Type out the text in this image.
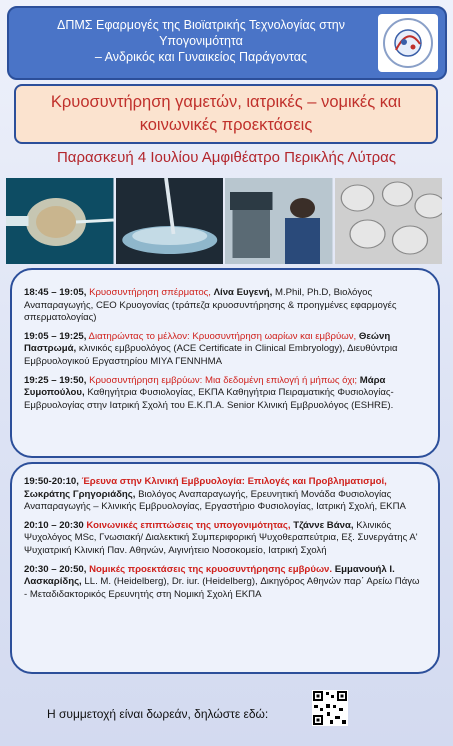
ΔΠΜΣ Εφαρμογές της Βιοϊατρικής Τεχνολογίας στην
Υπογονιμότητα
– Ανδρικός και Γυναικείος Παράγοντας
Κρυοσυντήρηση γαμετών, ιατρικές – νομικές και
κοινωνικές προεκτάσεις
Παρασκευή 4 Ιουλίου Αμφιθέατρο Περικλής Λύτρας
18:45 – 19:05, Κρυοσυντήρηση σπέρματος, Λίνα Ευγενή, M.Phil, Ph.D, Βιολόγος Αναπαραγωγής, CEO Κρυογονίας (τράπεζα κρυοσυντήρησης & προηγμένες εφαρμογές σπερματολογίας)
19:05 – 19:25, Διατηρώντας το μέλλον: Κρυοσυντήρηση ωαρίων και εμβρύων, Θεώνη Παστρωμά, κλινικός εμβρυολόγος (ACE Certificate in Clinical Embryology), Διευθύντρια Εμβρυολογικού Εργαστηρίου ΜΙΥΑ ΓΕΝΝΗΜΑ
19:25 – 19:50, Κρυοσυντήρηση εμβρύων: Μια δεδομένη επιλογή ή μήπως όχι; Μάρα Συμοπούλου, Καθηγήτρια Φυσιολογίας, ΕΚΠΑ Καθηγήτρια Πειραματικής Φυσιολογίας-Εμβρυολογίας στην Ιατρική Σχολή του Ε.Κ.Π.Α. Senior Κλινική Εμβρυολόγος (ESHRE).
19:50-20:10, Έρευνα στην Κλινική Εμβρυολογία: Επιλογές και Προβληματισμοί, Σωκράτης Γρηγοριάδης, Βιολόγος Αναπαραγωγής, Ερευνητική Μονάδα Φυσιολογίας Αναπαραγωγής – Κλινικής Εμβρυολογίας, Εργαστήριο Φυσιολογίας, Ιατρική Σχολή, ΕΚΠΑ
20:10 – 20:30 Κοινωνικές επιπτώσεις της υπογονιμότητας, Τζάννε Βάνα, Κλινικός Ψυχολόγος MSc, Γνωσιακή/ Διαλεκτική Συμπεριφορική Ψυχοθεραπεύτρια, Εξ. Συνεργάτης Α' Ψυχιατρική Κλινική Παν. Αθηνών, Αιγινήτειο Νοσοκομείο, Ιατρική Σχολή
20:30 – 20:50, Νομικές προεκτάσεις της κρυοσυντήρησης εμβρύων. Εμμανουήλ Ι. Λασκαρίδης, LL. M. (Heidelberg), Dr. iur. (Heidelberg), Δικηγόρος Αθηνών παρ΄ Αρείω Πάγω - Μεταδιδακτορικός Ερευνητής στη Νομική Σχολή ΕΚΠΑ
Η συμμετοχή είναι δωρεάν, δηλώστε εδώ:
